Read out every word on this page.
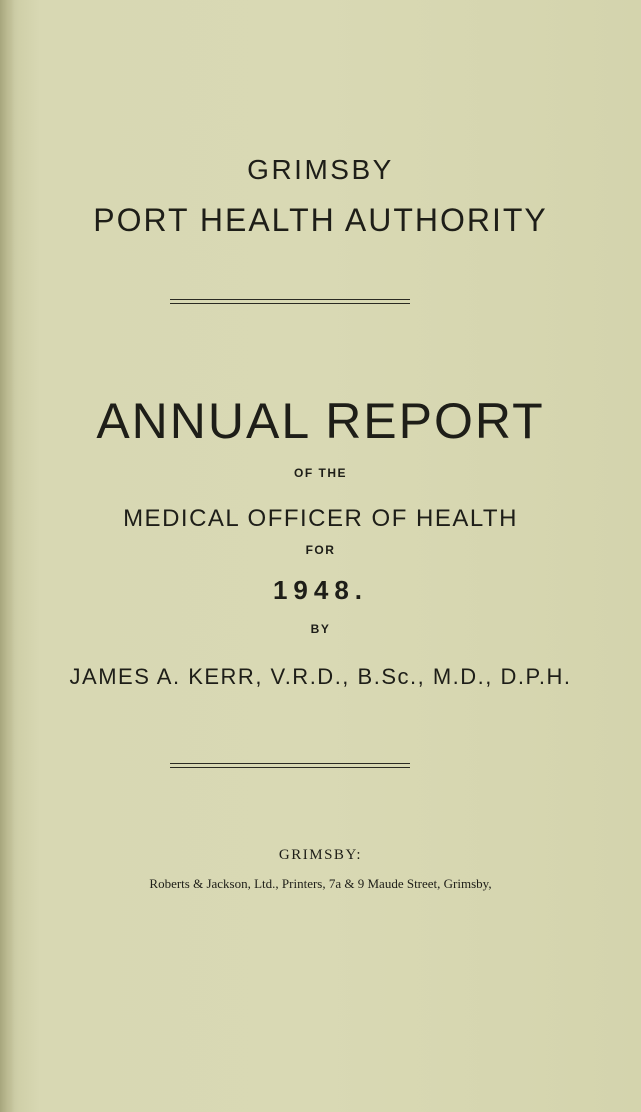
GRIMSBY
PORT HEALTH AUTHORITY
ANNUAL REPORT
OF THE
MEDICAL OFFICER OF HEALTH
FOR
1948.
BY
JAMES A. KERR, V.R.D., B.Sc., M.D., D.P.H.
GRIMSBY:
Roberts & Jackson, Ltd., Printers, 7a & 9 Maude Street, Grimsby,
